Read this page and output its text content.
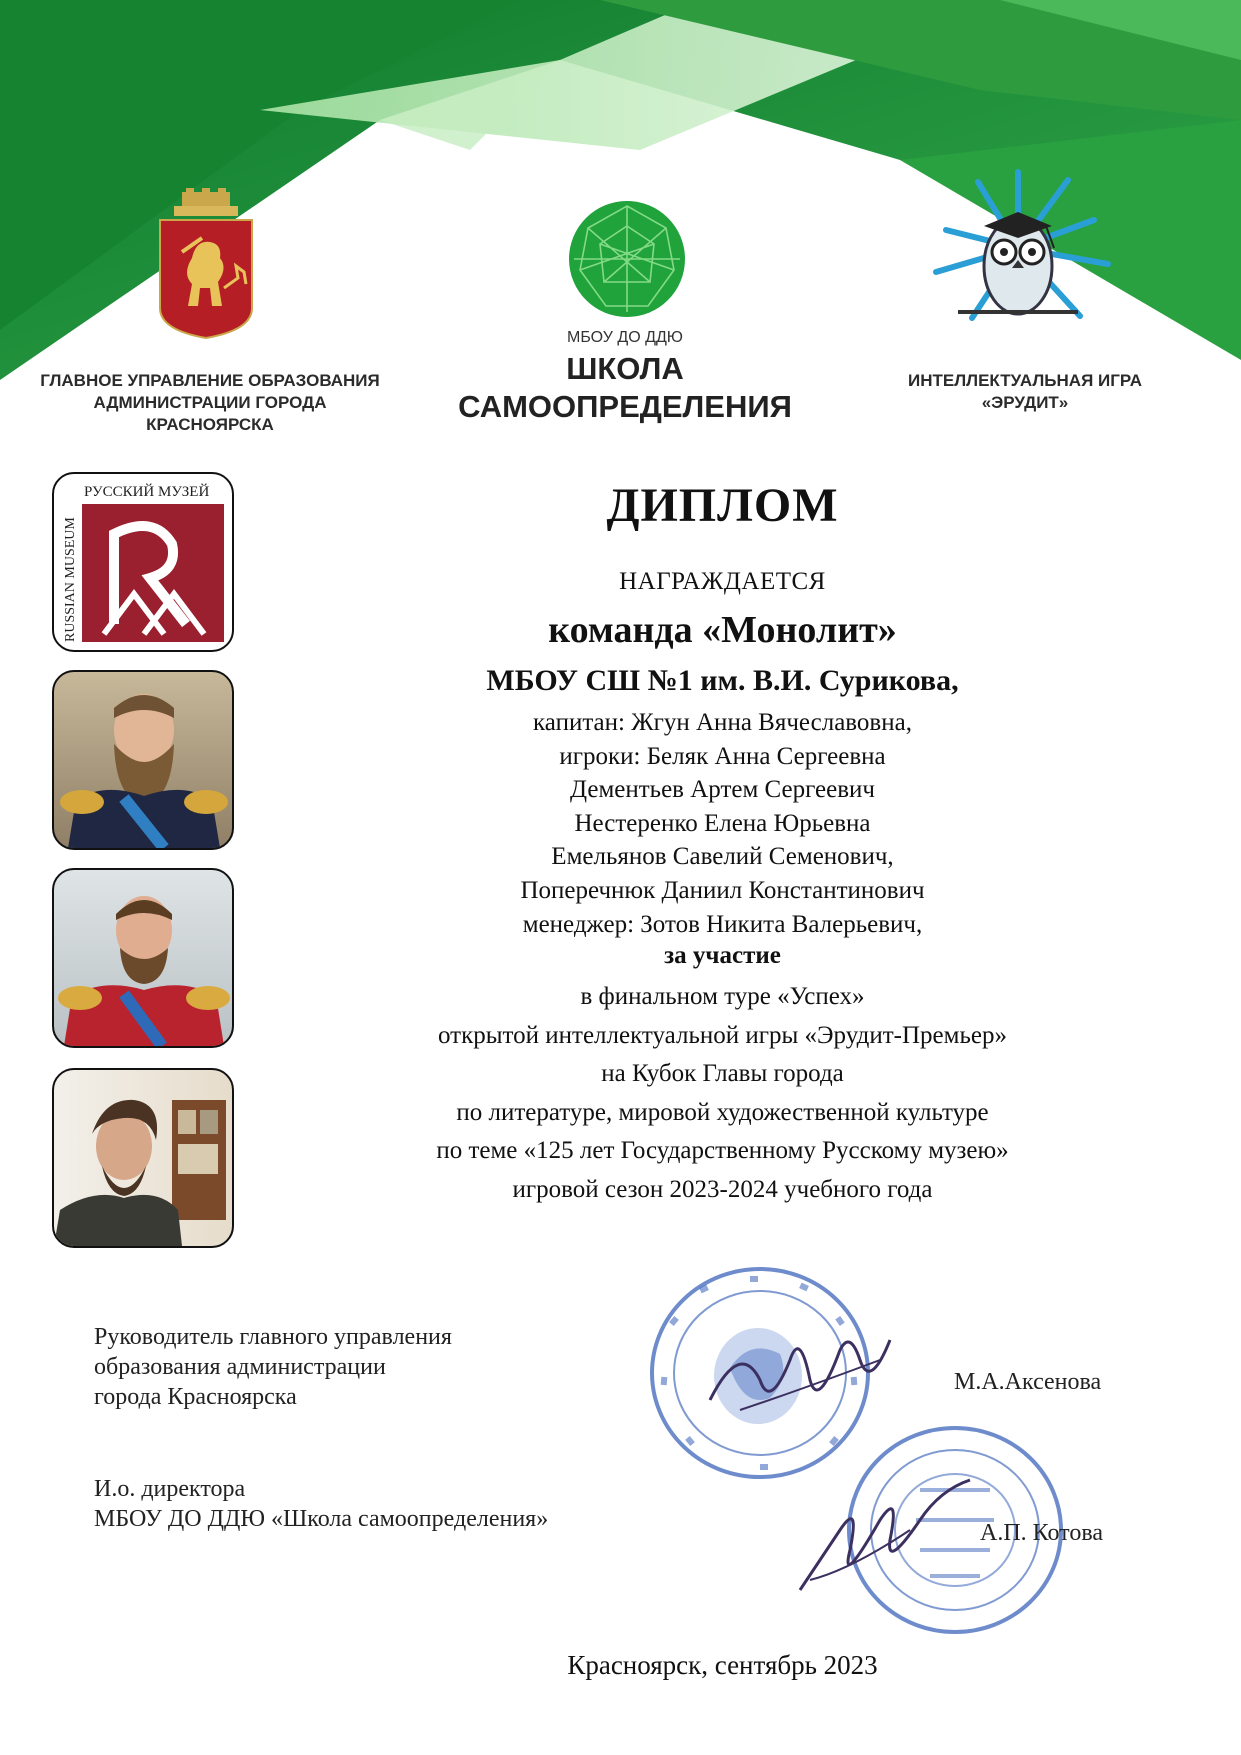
ГЛАВНОЕ УПРАВЛЕНИЕ ОБРАЗОВАНИЯ
АДМИНИСТРАЦИИ ГОРОДА
КРАСНОЯРСКА
МБОУ ДО ДДЮ
ШКОЛА
САМООПРЕДЕЛЕНИЯ
ИНТЕЛЛЕКТУАЛЬНАЯ ИГРА
«ЭРУДИТ»
РУССКИЙ МУЗЕЙ
RUSSIAN MUSEUM
ДИПЛОМ
НАГРАЖДАЕТСЯ
команда «Монолит»
МБОУ СШ №1 им. В.И. Сурикова,
капитан: Жгун Анна Вячеславовна,
игроки: Беляк Анна Сергеевна
Дементьев Артем Сергеевич
Нестеренко Елена Юрьевна
Емельянов Савелий Семенович,
Поперечнюк Даниил Константинович
менеджер: Зотов Никита Валерьевич,
за участие
в финальном туре «Успех»
открытой интеллектуальной игры «Эрудит-Премьер»
на Кубок Главы города
по литературе, мировой художественной культуре
по теме «125 лет Государственному Русскому музею»
игровой сезон 2023-2024 учебного года
Руководитель главного управления
образования администрации
города Красноярска
М.А.Аксенова
И.о. директора
МБОУ ДО ДДЮ «Школа самоопределения»
А.П. Котова
Красноярск, сентябрь 2023
